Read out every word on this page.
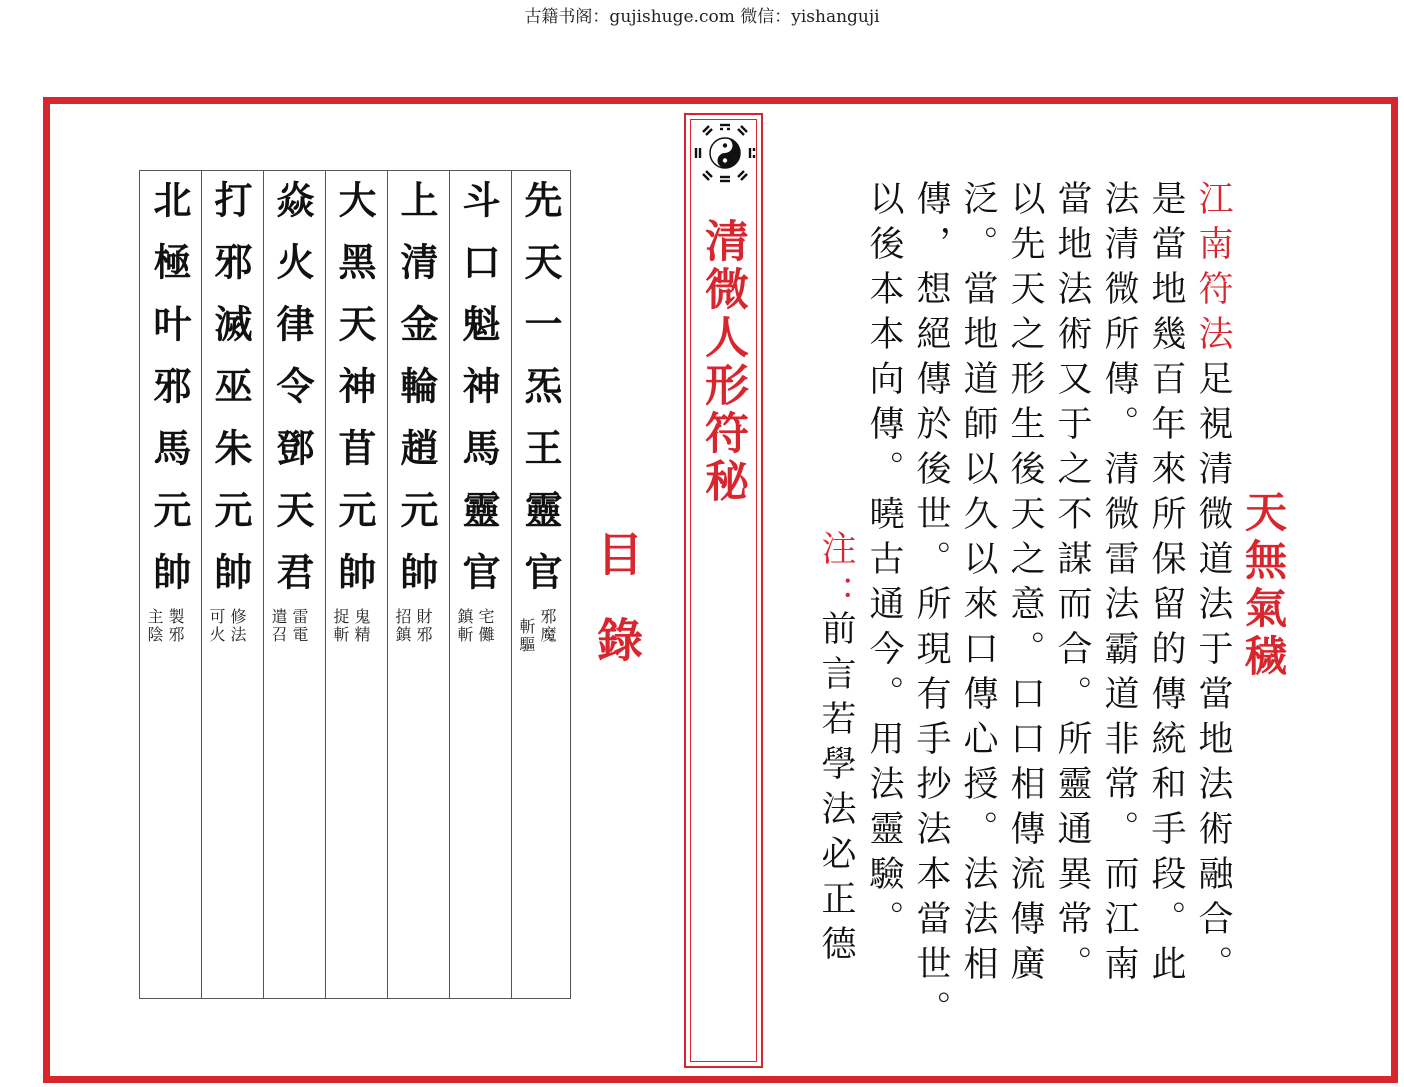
古籍书阁：gujishuge.com 微信：yishanguji
先天一炁王靈官
邪魔
斬驅
斗口魁神馬靈官
宅儺
鎮斬
上清金輪趙元帥
財邪
招鎮
大黑天神苜元帥
鬼精
捉斬
焱火律令鄧天君
雷電
遣召
打邪滅巫朱元帥
修法
可火
北極叶邪馬元帥
製邪
主陰	目錄
清微人形符秘
天無氣穢
江南符法足視清微道法于當地法術融合。
是當地幾百年來所保留的傳統和手段。此
法清微所傳。清微雷法霸道非常。而江南
當地法術又于之不謀而合。所靈通異常。
以先天之形生後天之意。口口相傳流傳廣
泛。當地道師以久以來口傳心授。法法相
傳，想絕傳於後世。所現有手抄法本當世。
以後本本向傳。曉古通今。用法靈驗。
注：
前言若學法必正德
